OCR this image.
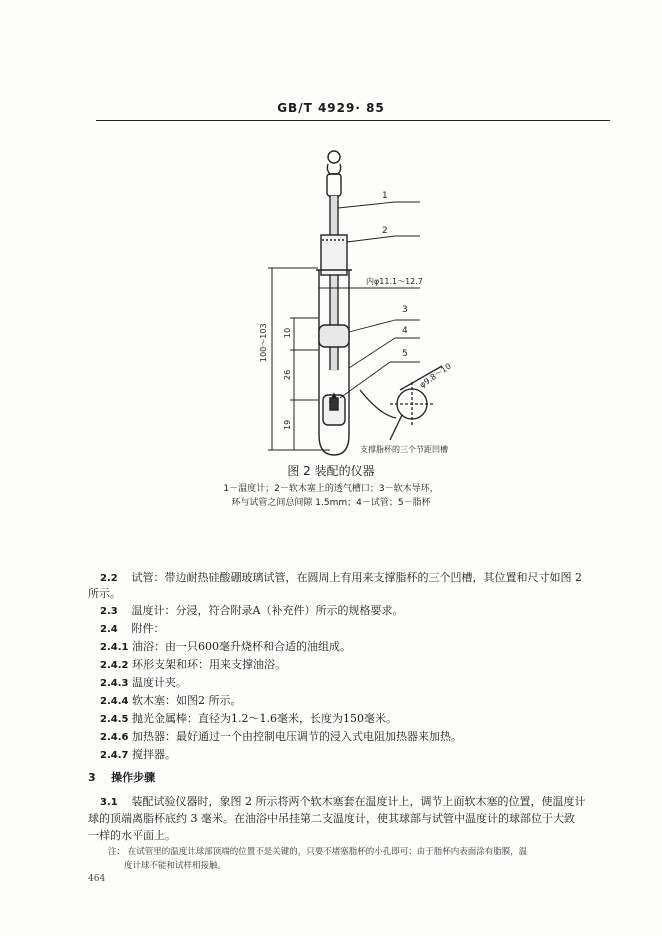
GB/T 4929· 85
1
2
3
4
5
内φ11.1～12.7
φ9.8～10
100～103 10
26
19
支撑脂杯的三个节距凹槽
图 2 装配的仪器
1－温度计；2－软木塞上的透气槽口；3－软木导环，
环与试管之间总间隙 1.5mm；4－试管；5－脂杯
2.2 试管：带边耐热硅酸硼玻璃试管，在圆周上有用来支撑脂杯的三个凹槽，其位置和尺寸如图 2
所示。
2.3 温度计：分浸，符合附录A（补充件）所示的规格要求。
2.4 附件：
2.4.1 油浴：由一只600毫升烧杯和合适的油组成。
2.4.2 环形支架和环：用来支撑油浴。
2.4.3 温度计夹。
2.4.4 软木塞：如图2 所示。
2.4.5 抛光金属棒：直径为1.2～1.6毫米，长度为150毫米。
2.4.6 加热器：最好通过一个由控制电压调节的浸入式电阻加热器来加热。
2.4.7 搅拌器。
3 操作步骤
3.1 装配试验仪器时，象图 2 所示将两个软木塞套在温度计上，调节上面软木塞的位置，使温度计
球的顶端离脂杯底约 3 毫米。在油浴中吊挂第二支温度计，使其球部与试管中温度计的球部位于大致
一样的水平面上。
注： 在试管里的温度计球部顶端的位置不是关键的，只要不堵塞脂杯的小孔即可；由于脂杯内表面涂有脂膜，温
度计球不能和试样相接触。
464
